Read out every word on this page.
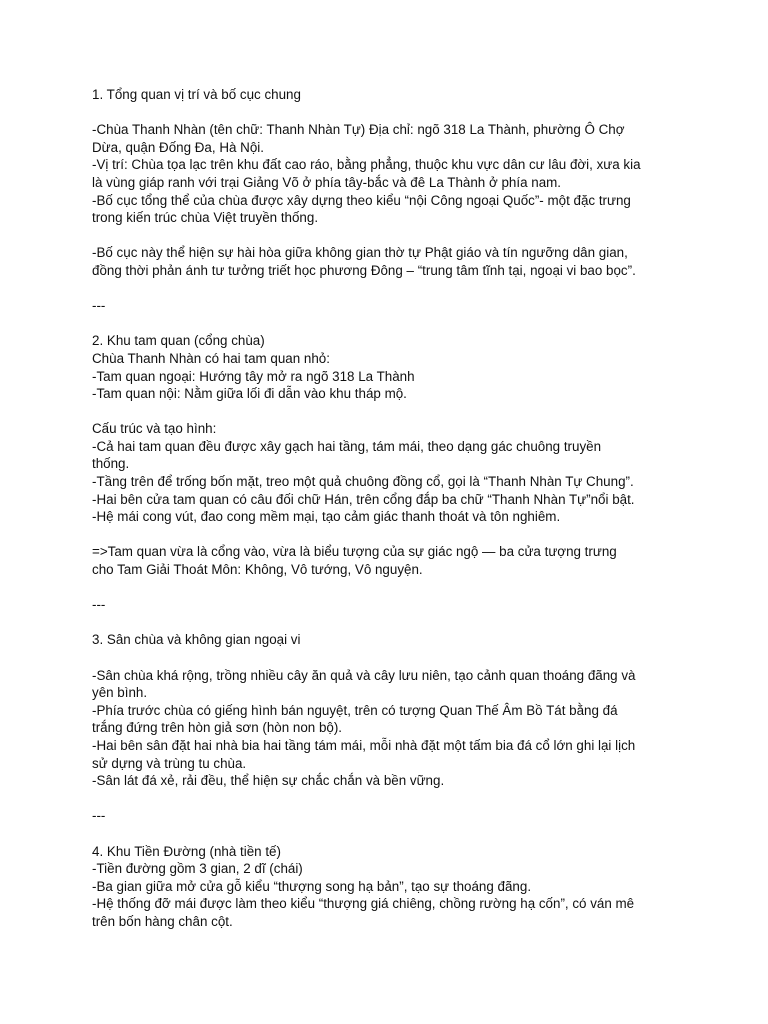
1. Tổng quan vị trí và bố cục chung
-Chùa Thanh Nhàn (tên chữ: Thanh Nhàn Tự) Địa chỉ: ngõ 318 La Thành, phường Ô Chợ
Dừa, quận Đống Đa, Hà Nội.
-Vị trí: Chùa tọa lạc trên khu đất cao ráo, bằng phẳng, thuộc khu vực dân cư lâu đời, xưa kia
là vùng giáp ranh với trại Giảng Võ ở phía tây-bắc và đê La Thành ở phía nam.
-Bố cục tổng thể của chùa được xây dựng theo kiểu “nội Công ngoại Quốc”- một đặc trưng
trong kiến trúc chùa Việt truyền thống.
-Bố cục này thể hiện sự hài hòa giữa không gian thờ tự Phật giáo và tín ngưỡng dân gian,
đồng thời phản ánh tư tưởng triết học phương Đông – “trung tâm tĩnh tại, ngoại vi bao bọc”.
---
2. Khu tam quan (cổng chùa)
Chùa Thanh Nhàn có hai tam quan nhỏ:
-Tam quan ngoại: Hướng tây mở ra ngõ 318 La Thành
-Tam quan nội: Nằm giữa lối đi dẫn vào khu tháp mộ.
Cấu trúc và tạo hình:
-Cả hai tam quan đều được xây gạch hai tầng, tám mái, theo dạng gác chuông truyền
thống.
-Tầng trên để trống bốn mặt, treo một quả chuông đồng cổ, gọi là “Thanh Nhàn Tự Chung”.
-Hai bên cửa tam quan có câu đối chữ Hán, trên cổng đắp ba chữ “Thanh Nhàn Tự”nổi bật.
-Hệ mái cong vút, đao cong mềm mại, tạo cảm giác thanh thoát và tôn nghiêm.
=>Tam quan vừa là cổng vào, vừa là biểu tượng của sự giác ngộ — ba cửa tượng trưng
cho Tam Giải Thoát Môn: Không, Vô tướng, Vô nguyện.
---
3. Sân chùa và không gian ngoại vi
-Sân chùa khá rộng, trồng nhiều cây ăn quả và cây lưu niên, tạo cảnh quan thoáng đãng và
yên bình.
-Phía trước chùa có giếng hình bán nguyệt, trên có tượng Quan Thế Âm Bồ Tát bằng đá
trắng đứng trên hòn giả sơn (hòn non bộ).
-Hai bên sân đặt hai nhà bia hai tầng tám mái, mỗi nhà đặt một tấm bia đá cổ lớn ghi lại lịch
sử dựng và trùng tu chùa.
-Sân lát đá xẻ, rải đều, thể hiện sự chắc chắn và bền vững.
---
4. Khu Tiền Đường (nhà tiền tế)
-Tiền đường gồm 3 gian, 2 dĩ (chái)
-Ba gian giữa mở cửa gỗ kiểu “thượng song hạ bản”, tạo sự thoáng đãng.
-Hệ thống đỡ mái được làm theo kiểu “thượng giá chiêng, chồng rường hạ cốn”, có ván mê
trên bốn hàng chân cột.
